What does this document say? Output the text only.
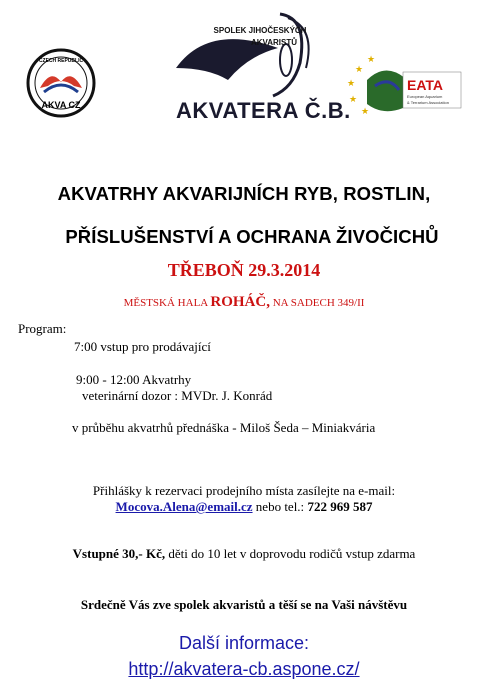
CZECH REPUBLIC
AKVA CZ
SPOLEK JIHOČESKÝCH
AKVARISTŮ
AKVATERA Č.B.
★
★
★
★
★
EATA
European Aquarium
& Terrarium Association
AKVATRHY AKVARIJNÍCH RYB, ROSTLIN,
PŘÍSLUŠENSTVÍ A OCHRANA ŽIVOČICHŮ
TŘEBOŇ 29.3.2014
MĚSTSKÁ HALA ROHÁČ, NA SADECH 349/II
Program:
7:00 vstup pro prodávající
9:00 - 12:00 Akvatrhy
veterinární dozor : MVDr. J. Konrád
v průběhu akvatrhů přednáška - Miloš Šeda – Miniakvária
Přihlášky k rezervaci prodejního místa zasílejte na e-mail:
Mocova.Alena@email.cz nebo tel.: 722 969 587
Vstupné 30,- Kč, děti do 10 let v doprovodu rodičů vstup zdarma
Srdečně Vás zve spolek akvaristů a těší se na Vaši návštěvu
Další informace:
http://akvatera-cb.aspone.cz/
